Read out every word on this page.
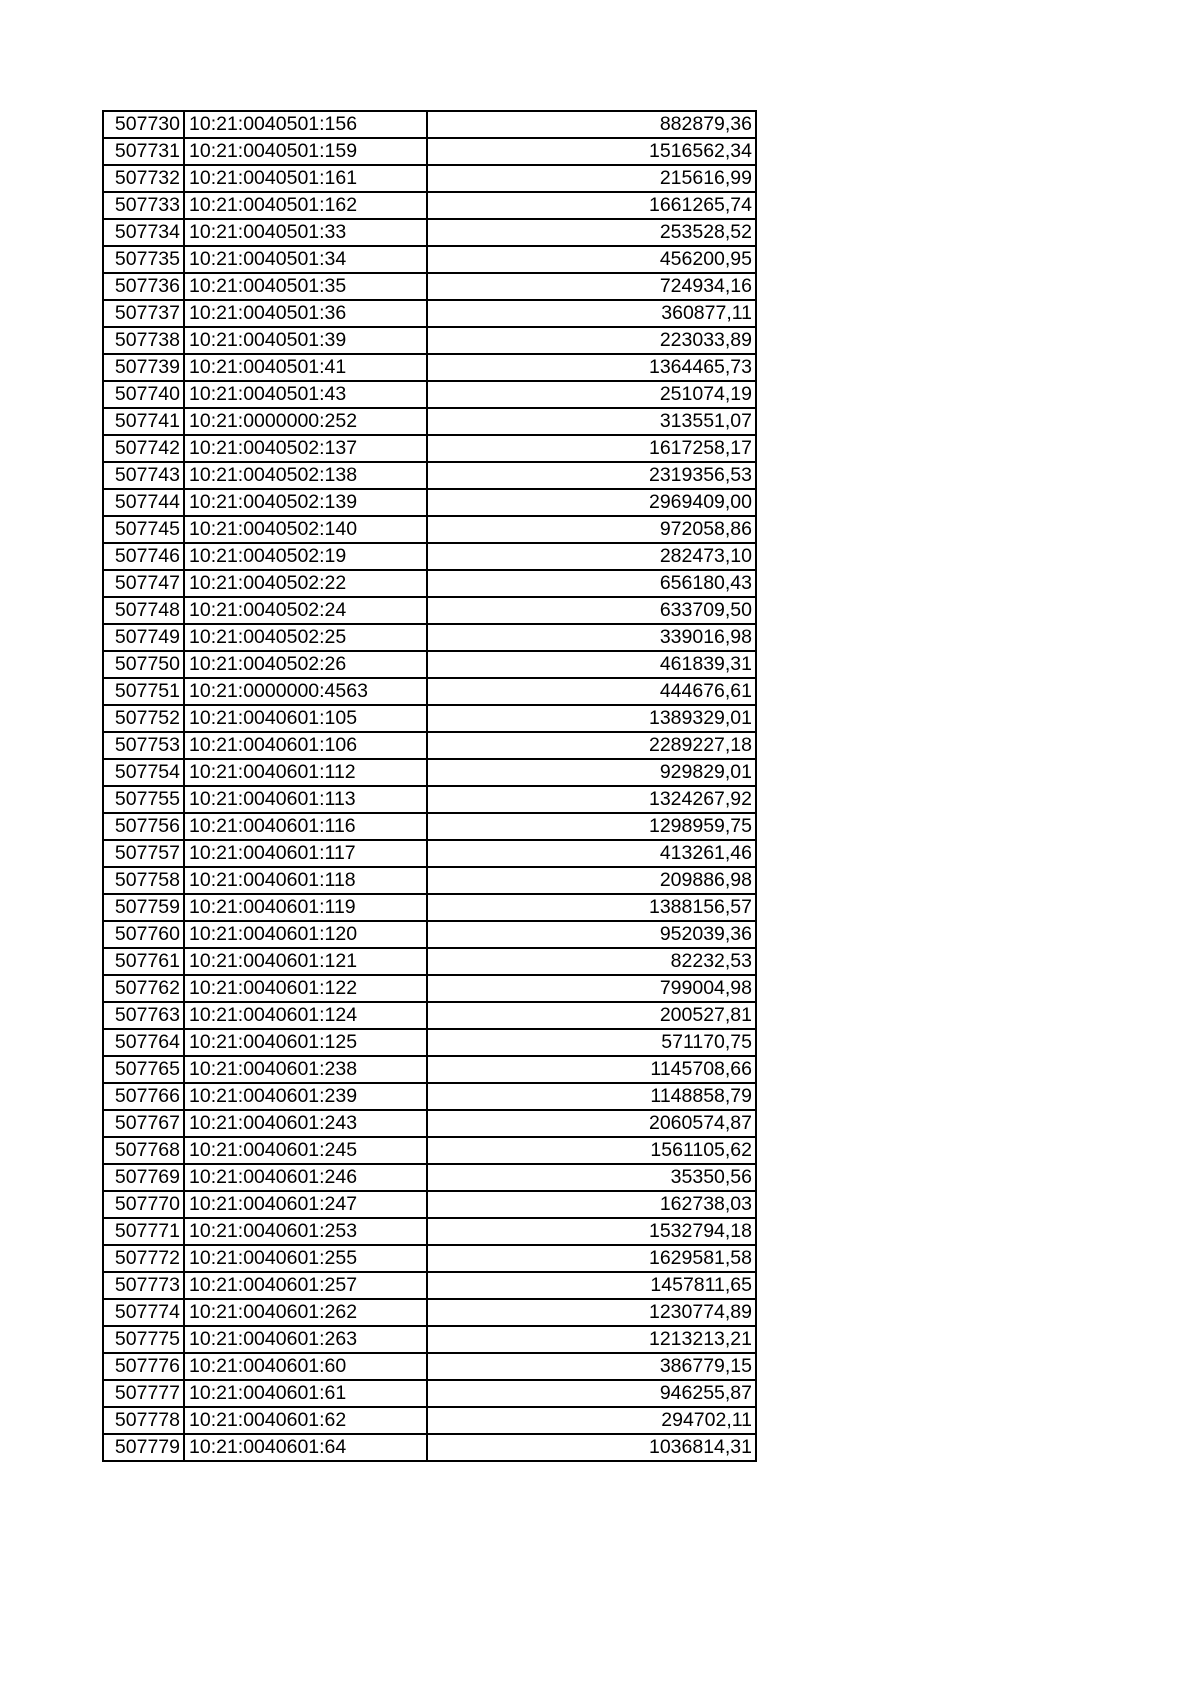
507730	10:21:0040501:156	882879,36
507731	10:21:0040501:159	1516562,34
507732	10:21:0040501:161	215616,99
507733	10:21:0040501:162	1661265,74
507734	10:21:0040501:33	253528,52
507735	10:21:0040501:34	456200,95
507736	10:21:0040501:35	724934,16
507737	10:21:0040501:36	360877,11
507738	10:21:0040501:39	223033,89
507739	10:21:0040501:41	1364465,73
507740	10:21:0040501:43	251074,19
507741	10:21:0000000:252	313551,07
507742	10:21:0040502:137	1617258,17
507743	10:21:0040502:138	2319356,53
507744	10:21:0040502:139	2969409,00
507745	10:21:0040502:140	972058,86
507746	10:21:0040502:19	282473,10
507747	10:21:0040502:22	656180,43
507748	10:21:0040502:24	633709,50
507749	10:21:0040502:25	339016,98
507750	10:21:0040502:26	461839,31
507751	10:21:0000000:4563	444676,61
507752	10:21:0040601:105	1389329,01
507753	10:21:0040601:106	2289227,18
507754	10:21:0040601:112	929829,01
507755	10:21:0040601:113	1324267,92
507756	10:21:0040601:116	1298959,75
507757	10:21:0040601:117	413261,46
507758	10:21:0040601:118	209886,98
507759	10:21:0040601:119	1388156,57
507760	10:21:0040601:120	952039,36
507761	10:21:0040601:121	82232,53
507762	10:21:0040601:122	799004,98
507763	10:21:0040601:124	200527,81
507764	10:21:0040601:125	571170,75
507765	10:21:0040601:238	1145708,66
507766	10:21:0040601:239	1148858,79
507767	10:21:0040601:243	2060574,87
507768	10:21:0040601:245	1561105,62
507769	10:21:0040601:246	35350,56
507770	10:21:0040601:247	162738,03
507771	10:21:0040601:253	1532794,18
507772	10:21:0040601:255	1629581,58
507773	10:21:0040601:257	1457811,65
507774	10:21:0040601:262	1230774,89
507775	10:21:0040601:263	1213213,21
507776	10:21:0040601:60	386779,15
507777	10:21:0040601:61	946255,87
507778	10:21:0040601:62	294702,11
507779	10:21:0040601:64	1036814,31
